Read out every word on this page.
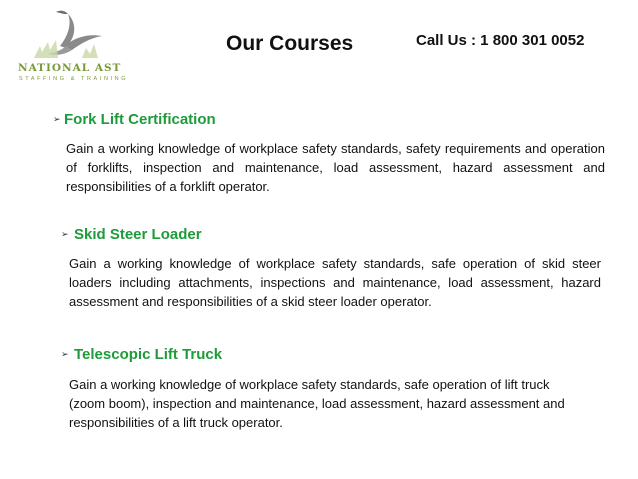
NATIONAL AST
STAFFING & TRAINING
Our Courses	Call Us : 1 800 301 0052
➢ Fork Lift Certification
Gain a working knowledge of workplace safety standards, safety requirements and operation of forklifts, inspection and maintenance, load assessment, hazard assessment and responsibilities of a forklift operator.
➢ Skid Steer Loader
Gain a working knowledge of workplace safety standards, safe operation of skid steer loaders including attachments, inspections and maintenance, load assessment, hazard assessment and responsibilities of a skid steer loader operator.
➢ Telescopic Lift Truck
Gain a working knowledge of workplace safety standards, safe operation of lift truck (zoom boom), inspection and maintenance, load assessment, hazard assessment and responsibilities of a lift truck operator.
